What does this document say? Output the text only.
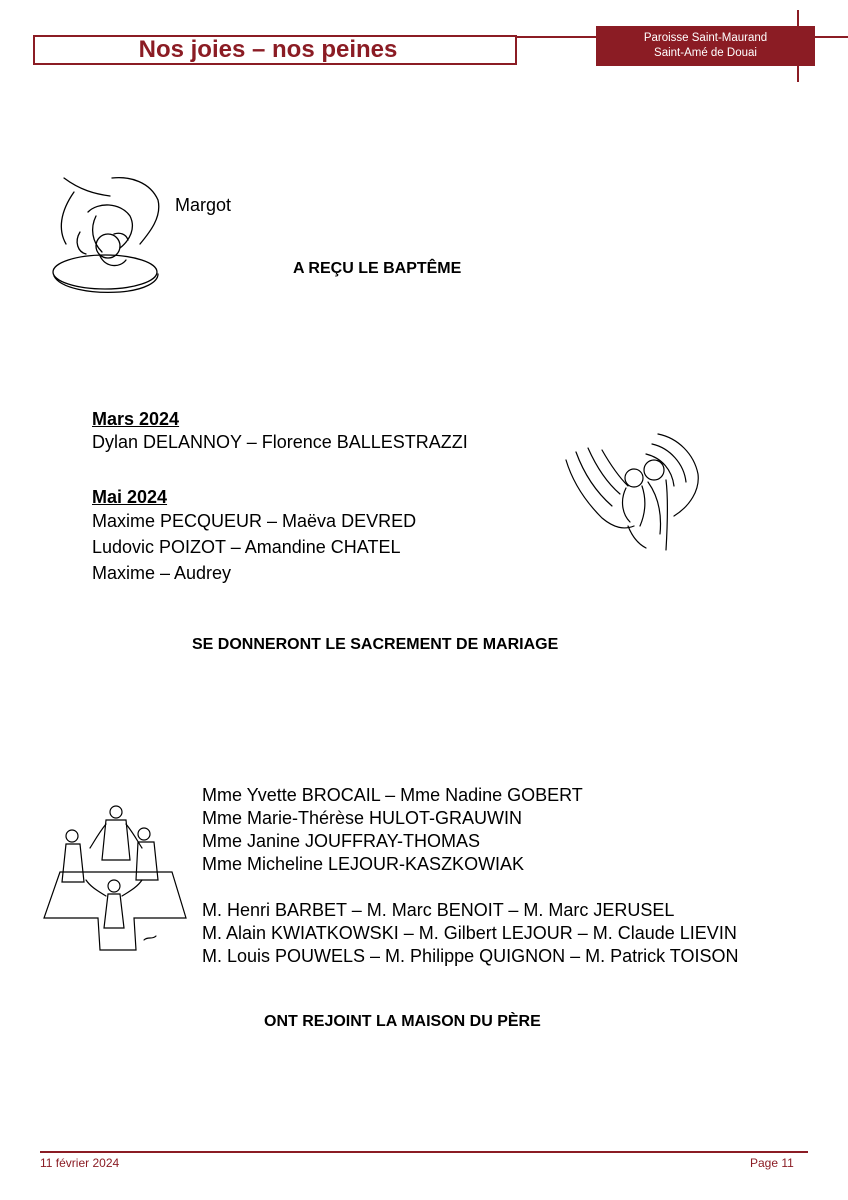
Nos joies – nos peines	Paroisse Saint-Maurand
Saint-Amé de Douai
Margot
A REÇU LE BAPTÊME
Mars 2024
Dylan DELANNOY – Florence BALLESTRAZZI
Mai 2024
Maxime PECQUEUR – Maëva DEVRED
Ludovic POIZOT – Amandine CHATEL
Maxime – Audrey
SE DONNERONT LE SACREMENT DE MARIAGE
Mme Yvette BROCAIL – Mme Nadine GOBERT
Mme Marie-Thérèse HULOT-GRAUWIN
Mme Janine JOUFFRAY-THOMAS
Mme Micheline LEJOUR-KASZKOWIAK
M. Henri BARBET – M. Marc BENOIT – M. Marc JERUSEL
M. Alain KWIATKOWSKI – M. Gilbert LEJOUR – M. Claude LIEVIN
M. Louis POUWELS – M. Philippe QUIGNON – M. Patrick TOISON
ONT REJOINT LA MAISON DU PÈRE
11 février 2024	Page 11
